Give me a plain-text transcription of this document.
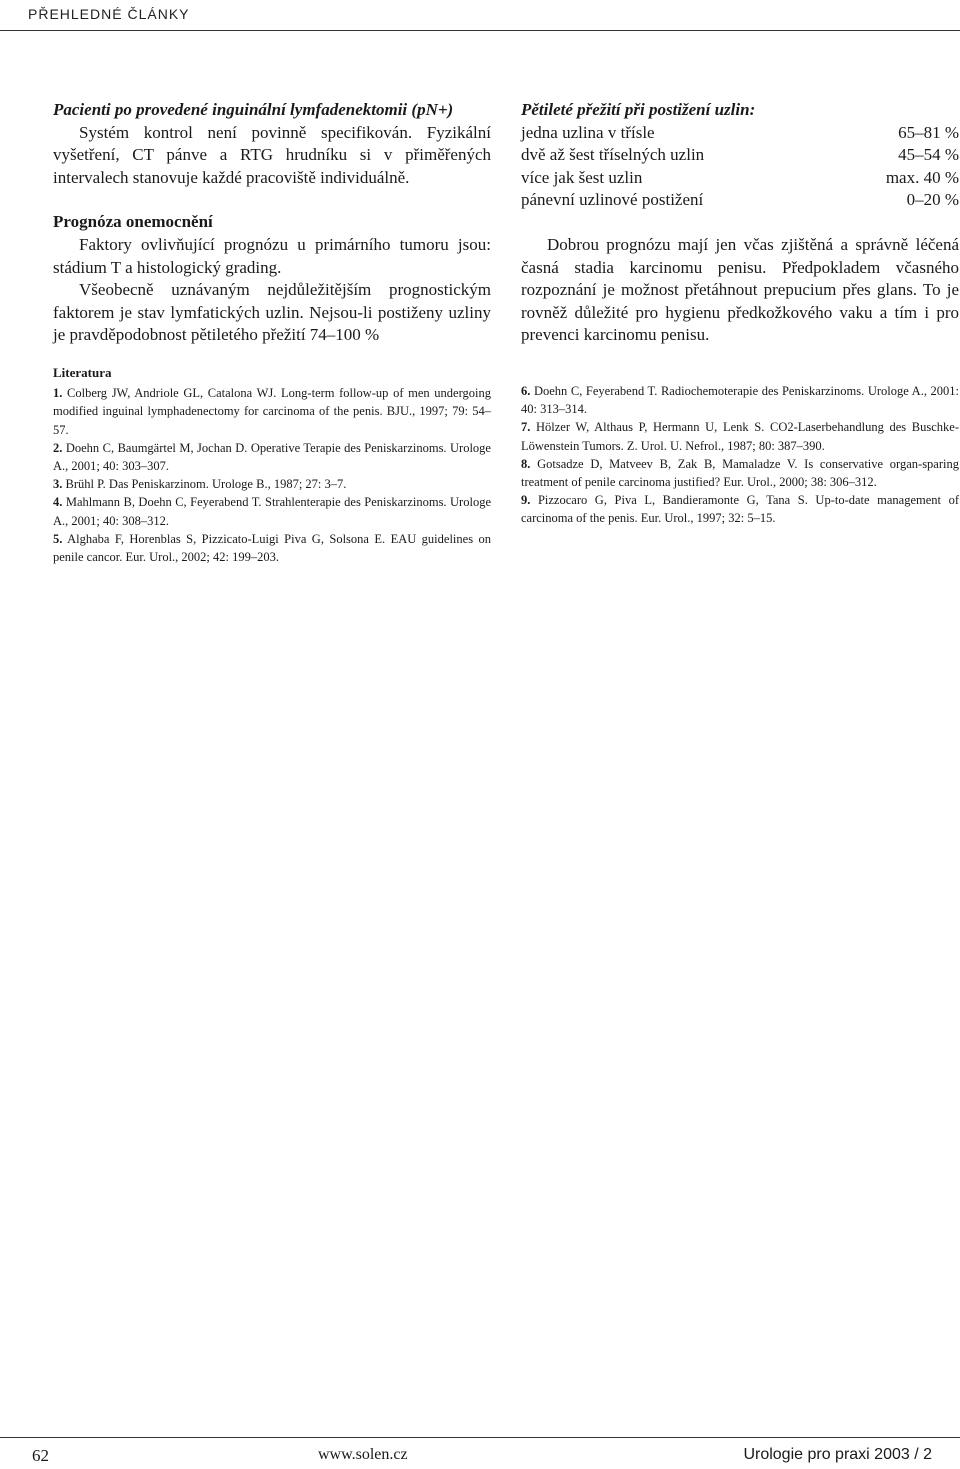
PŘEHLEDNÉ ČLÁNKY

Pacienti po provedené inguinální lymfadenektomii (pN+)

Systém kontrol není povinně specifikován. Fyzikální vyšetření, CT pánve a RTG hrudníku si v přiměřených intervalech stanovuje každé pracoviště individuálně.

Prognóza onemocnění

Faktory ovlivňující prognózu u primárního tumoru jsou: stádium T a histologický grading.

Všeobecně uznávaným nejdůležitějším prognostickým faktorem je stav lymfatických uzlin. Nejsou-li postiženy uzliny je pravděpodobnost pětiletého přežití 74–100 %

Pětileté přežití při postižení uzlin:

jedna uzlina v třísle	65–81 %
dvě až šest tříselných uzlin	45–54 %
více jak šest uzlin	max. 40 %
pánevní uzlinové postižení	0–20 %

Dobrou prognózu mají jen včas zjištěná a správně léčená časná stadia karcinomu penisu. Předpokladem včasného rozpoznání je možnost přetáhnout prepucium přes glans. To je rovněž důležité pro hygienu předkožkového vaku a tím i pro prevenci karcinomu penisu.

Literatura

1. Colberg JW, Andriole GL, Catalona WJ. Long-term follow-up of men undergoing modified inguinal lymphadenectomy for carcinoma of the penis. BJU., 1997; 79: 54–57.

2. Doehn C, Baumgärtel M, Jochan D. Operative Terapie des Peniskarzinoms. Urologe A., 2001; 40: 303–307.

3. Brühl P. Das Peniskarzinom. Urologe B., 1987; 27: 3–7.

4. Mahlmann B, Doehn C, Feyerabend T. Strahlenterapie des Peniskarzinoms. Urologe A., 2001; 40: 308–312.

5. Alghaba F, Horenblas S, Pizzicato-Luigi Piva G, Solsona E. EAU guidelines on penile cancor. Eur. Urol., 2002; 42: 199–203.

6. Doehn C, Feyerabend T. Radiochemoterapie des Peniskarzinoms. Urologe A., 2001: 40: 313–314.

7. Hölzer W, Althaus P, Hermann U, Lenk S. CO2-Laserbehandlung des Buschke-Löwenstein Tumors. Z. Urol. U. Nefrol., 1987; 80: 387–390.

8. Gotsadze D, Matveev B, Zak B, Mamaladze V. Is conservative organ-sparing treatment of penile carcinoma justified? Eur. Urol., 2000; 38: 306–312.

9. Pizzocaro G, Piva L, Bandieramonte G, Tana S. Up-to-date management of carcinoma of the penis. Eur. Urol., 1997; 32: 5–15.

62	www.solen.cz	Urologie pro praxi 2003 / 2
